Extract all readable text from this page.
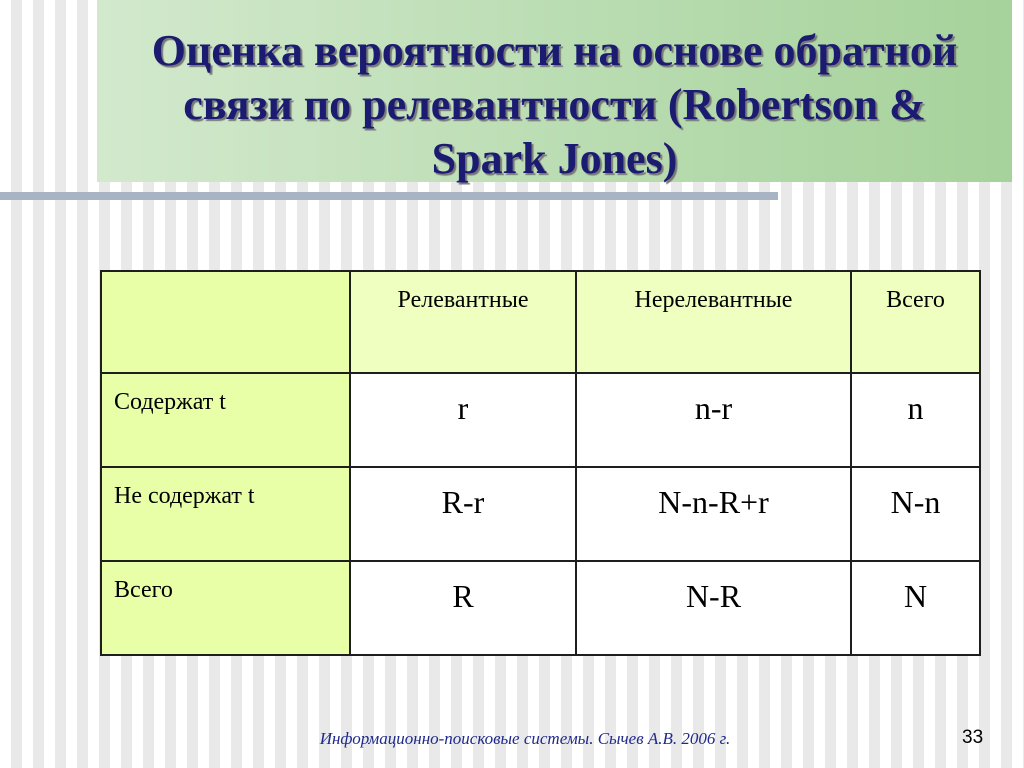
Оценка вероятности на основе обратной

связи по релевантности (Robertson &

Spark Jones)

	Релевантные	Нерелевантные	Всего

Содержат t	r	n-r	n

Не содержат t	R-r	N-n-R+r	N-n

Всего	R	N-R	N
Информационно-поисковые системы. Сычев А.В. 2006 г.	33
